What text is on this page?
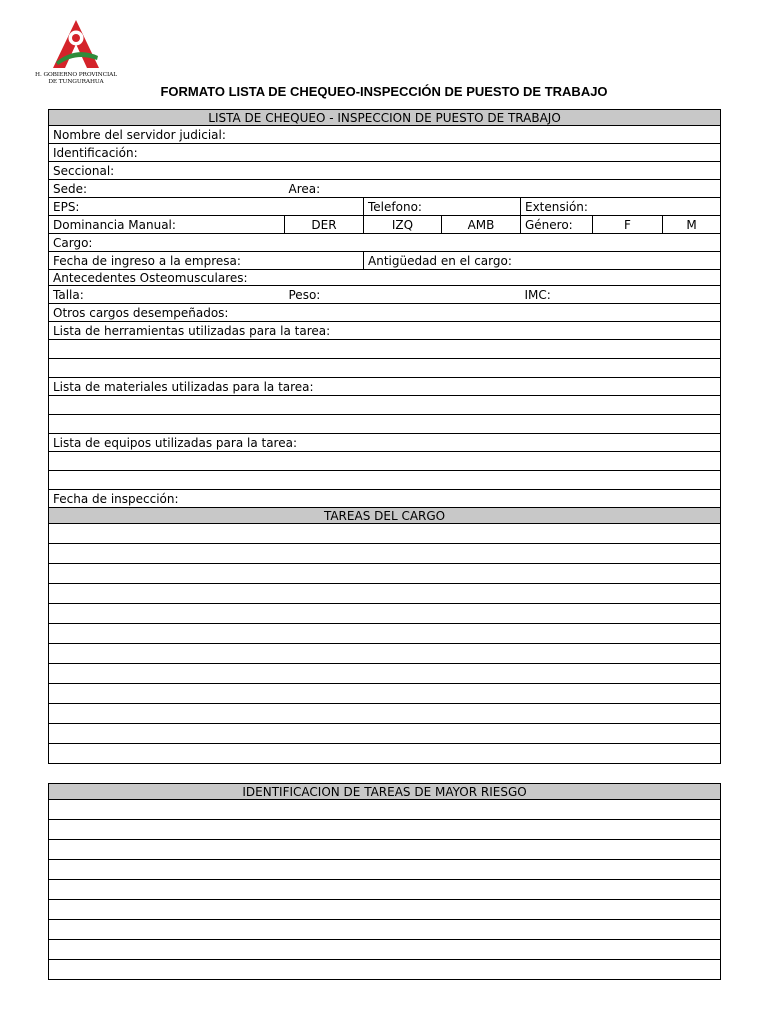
H. GOBIERNO PROVINCIAL
DE TUNGURAHUA
FORMATO LISTA DE CHEQUEO-INSPECCIÓN DE PUESTO DE TRABAJO
LISTA DE CHEQUEO - INSPECCION DE PUESTO DE TRABAJO						
Nombre del servidor judicial:						
Identificación:						
Seccional:						
Sede:	Area:					
EPS:		Telefono:		Extensión:		
Dominancia Manual:	DER	IZQ	AMB	Género:	F	M
Cargo:						
Fecha de ingreso a la empresa:		Antigüedad en el cargo:				
Antecedentes Osteomusculares:						
Talla:	Peso:			IMC:		
Otros cargos desempeñados:						
Lista de herramientas utilizadas para la tarea:						

Lista de materiales utilizadas para la tarea:						

Lista de equipos utilizadas para la tarea:						

Fecha de inspección:						
TAREAS DEL CARGO						

IDENTIFICACION DE TAREAS DE MAYOR RIESGO						
